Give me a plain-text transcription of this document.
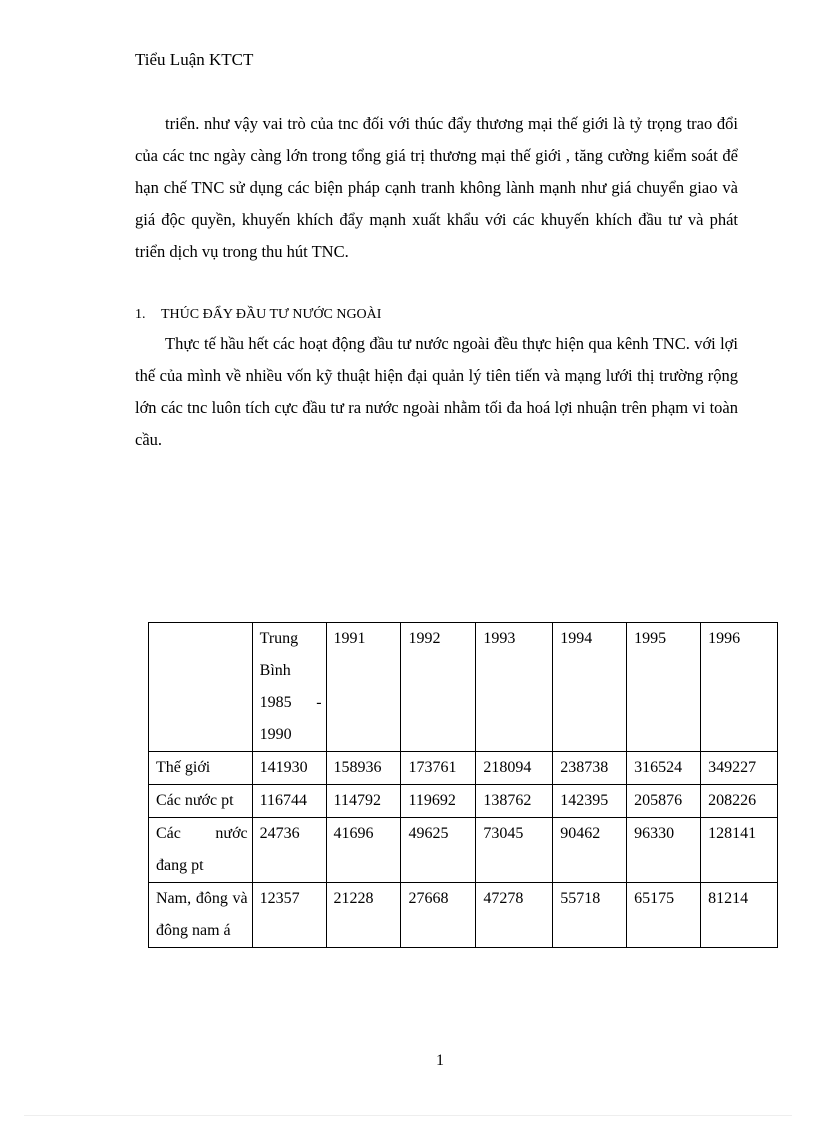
Tiểu Luận KTCT

triển. như vậy vai trò của tnc đối với thúc đẩy thương mại thế giới là tỷ trọng trao đổi của các tnc ngày càng lớn trong tổng giá trị thương mại thế giới , tăng cường kiểm soát để hạn chế TNC sử dụng các biện pháp cạnh tranh không lành mạnh như giá chuyển giao và giá độc quyền, khuyến khích đẩy mạnh xuất khẩu với các khuyến khích đầu tư và phát triển dịch vụ trong thu hút TNC.

1. THÚC ĐẨY ĐẦU TƯ NƯỚC NGOÀI

Thực tế hầu hết các hoạt động đầu tư nước ngoài đều thực hiện qua kênh TNC. với lợi thế của mình về nhiều vốn kỹ thuật hiện đại quản lý tiên tiến và mạng lưới thị trường rộng lớn các tnc luôn tích cực đầu tư ra nước ngoài nhằm tối đa hoá lợi nhuận trên phạm vi toàn cầu.

	Trung Bình 1985 - 1990	1991	1992	1993	1994	1995	1996
Thế giới	141930	158936	173761	218094	238738	316524	349227
Các nước pt	116744	114792	119692	138762	142395	205876	208226
Các nước đang pt	24736	41696	49625	73045	90462	96330	128141
Nam, đông và đông nam á	12357	21228	27668	47278	55718	65175	81214
1
